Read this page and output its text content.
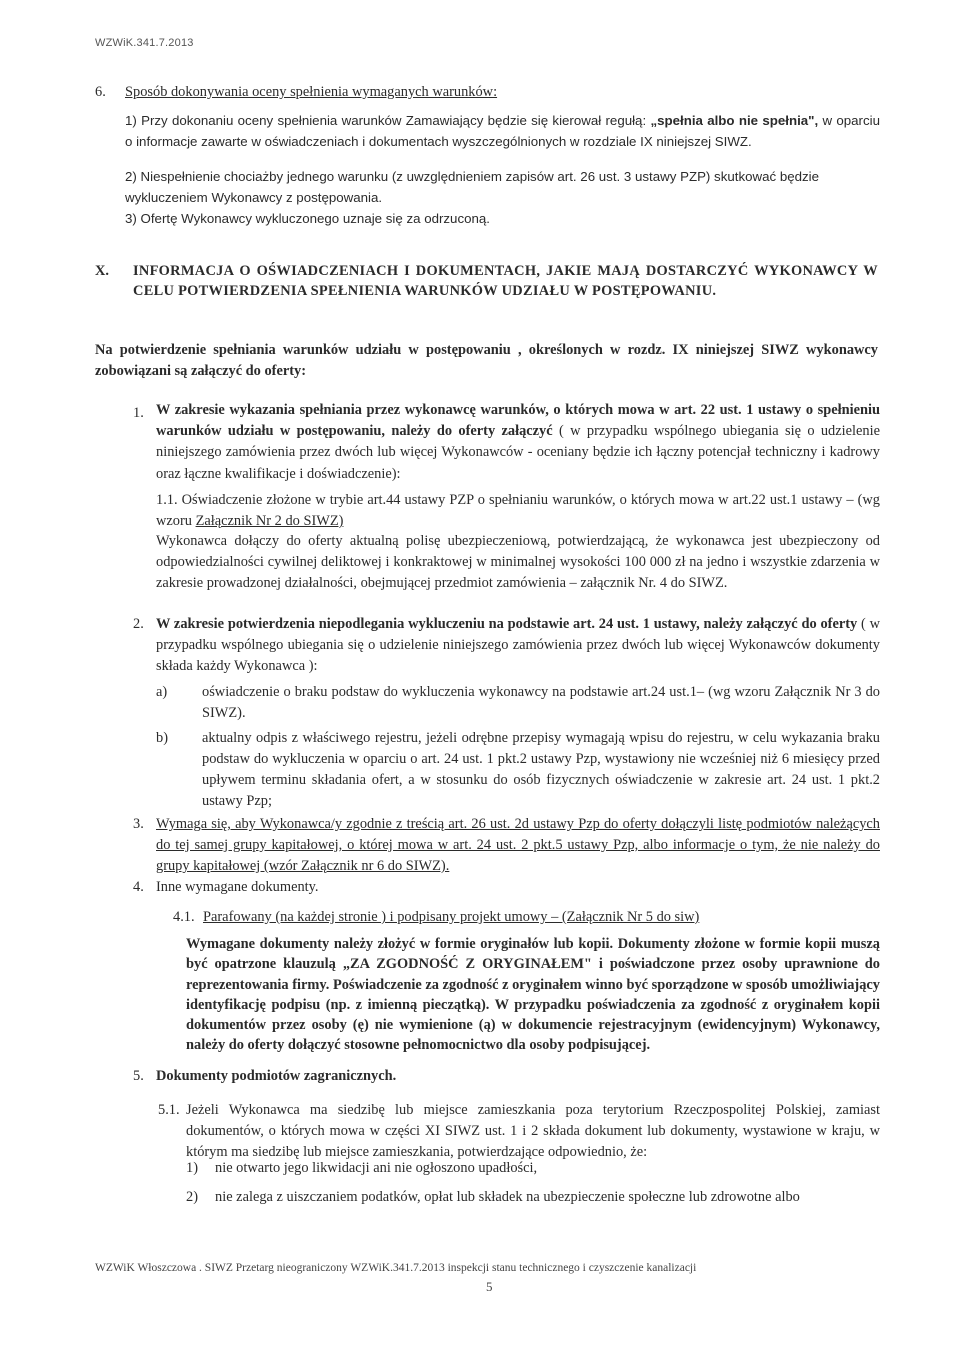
WZWiK.341.7.2013
6. Sposób dokonywania oceny spełnienia wymaganych warunków:
1) Przy dokonaniu oceny spełnienia warunków Zamawiający będzie się kierował regułą: „spełnia albo nie spełnia", w oparciu o informacje zawarte w oświadczeniach i dokumentach wyszczególnionych w rozdziale IX niniejszej SIWZ.
2) Niespełnienie chociażby jednego warunku (z uwzględnieniem zapisów art. 26 ust. 3 ustawy PZP) skutkować będzie wykluczeniem Wykonawcy z postępowania.
3) Ofertę Wykonawcy wykluczonego uznaje się za odrzuconą.
X. INFORMACJA O OŚWIADCZENIACH I DOKUMENTACH, JAKIE MAJĄ DOSTARCZYĆ WYKONAWCY W CELU POTWIERDZENIA SPEŁNIENIA WARUNKÓW UDZIAŁU W POSTĘPOWANIU.
Na potwierdzenie spełniania warunków udziału w postępowaniu , określonych w rozdz. IX niniejszej SIWZ wykonawcy zobowiązani są załączyć do oferty:
1. W zakresie wykazania spełniania przez wykonawcę warunków, o których mowa w art. 22 ust. 1 ustawy o spełnieniu warunków udziału w postępowaniu, należy do oferty załączyć ( w przypadku wspólnego ubiegania się o udzielenie niniejszego zamówienia przez dwóch lub więcej Wykonawców - oceniany będzie ich łączny potencjał techniczny i kadrowy oraz łączne kwalifikacje i doświadczenie):
1.1. Oświadczenie złożone w trybie art.44 ustawy PZP o spełnianiu warunków, o których mowa w art.22 ust.1 ustawy – (wg wzoru Załącznik Nr 2 do SIWZ)
Wykonawca dołączy do oferty aktualną polisę ubezpieczeniową, potwierdzającą, że wykonawca jest ubezpieczony od odpowiedzialności cywilnej deliktowej i konkraktowej w minimalnej wysokości 100 000 zł na jedno i wszystkie zdarzenia w zakresie prowadzonej działalności, obejmującej przedmiot zamówienia – załącznik Nr. 4 do SIWZ.
2. W zakresie potwierdzenia niepodlegania wykluczeniu na podstawie art. 24 ust. 1 ustawy, należy załączyć do oferty ( w przypadku wspólnego ubiegania się o udzielenie niniejszego zamówienia przez dwóch lub więcej Wykonawców dokumenty składa każdy Wykonawca ):
a) oświadczenie o braku podstaw do wykluczenia wykonawcy na podstawie art.24 ust.1– (wg wzoru Załącznik Nr 3 do SIWZ).
b) aktualny odpis z właściwego rejestru, jeżeli odrębne przepisy wymagają wpisu do rejestru, w celu wykazania braku podstaw do wykluczenia w oparciu o art. 24 ust. 1 pkt.2 ustawy Pzp, wystawiony nie wcześniej niż 6 miesięcy przed upływem terminu składania ofert, a w stosunku do osób fizycznych oświadczenie w zakresie art. 24 ust. 1 pkt.2 ustawy Pzp;
3. Wymaga się, aby Wykonawca/y zgodnie z treścią art. 26 ust. 2d ustawy Pzp do oferty dołączyli listę podmiotów należących do tej samej grupy kapitałowej, o której mowa w art. 24 ust. 2 pkt.5 ustawy Pzp, albo informacje o tym, że nie należy do grupy kapitałowej (wzór Załącznik nr 6 do SIWZ).
4. Inne wymagane dokumenty.
4.1. Parafowany (na każdej stronie ) i podpisany projekt umowy – (Załącznik Nr 5 do siw)
Wymagane dokumenty należy złożyć w formie oryginałów lub kopii. Dokumenty złożone w formie kopii muszą być opatrzone klauzulą „ZA ZGODNOŚĆ Z ORYGINAŁEM" i poświadczone przez osoby uprawnione do reprezentowania firmy. Poświadczenie za zgodność z oryginałem winno być sporządzone w sposób umożliwiający identyfikację podpisu (np. z imienną pieczątką). W przypadku poświadczenia za zgodność z oryginałem kopii dokumentów przez osoby (ę) nie wymienione (ą) w dokumencie rejestracyjnym (ewidencyjnym) Wykonawcy, należy do oferty dołączyć stosowne pełnomocnictwo dla osoby podpisującej.
5. Dokumenty podmiotów zagranicznych.
5.1. Jeżeli Wykonawca ma siedzibę lub miejsce zamieszkania poza terytorium Rzeczpospolitej Polskiej, zamiast dokumentów, o których mowa w części XI SIWZ ust. 1 i 2 składa dokument lub dokumenty, wystawione w kraju, w którym ma siedzibę lub miejsce zamieszkania, potwierdzające odpowiednio, że:
1) nie otwarto jego likwidacji ani nie ogłoszono upadłości,
2) nie zalega z uiszczaniem podatków, opłat lub składek na ubezpieczenie społeczne lub zdrowotne albo
WZWiK Włoszczowa . SIWZ Przetarg nieograniczony WZWiK.341.7.2013 inspekcji stanu technicznego i czyszczenie kanalizacji
5
